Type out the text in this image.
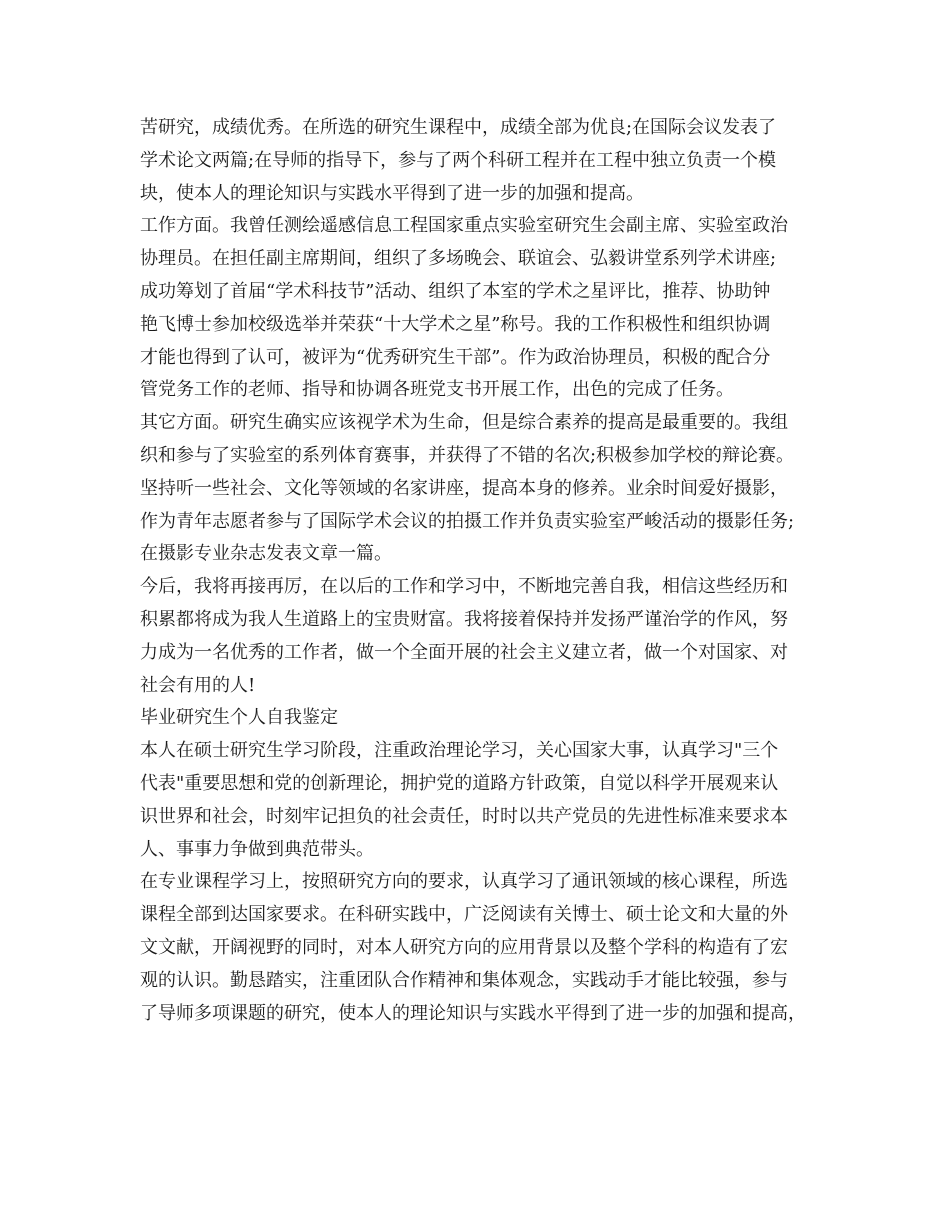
苦研究，成绩优秀。在所选的研究生课程中，成绩全部为优良;在国际会议发表了
学术论文两篇;在导师的指导下，参与了两个科研工程并在工程中独立负责一个模
块，使本人的理论知识与实践水平得到了进一步的加强和提高。
工作方面。我曾任测绘遥感信息工程国家重点实验室研究生会副主席、实验室政治
协理员。在担任副主席期间，组织了多场晚会、联谊会、弘毅讲堂系列学术讲座;
成功筹划了首届“学术科技节”活动、组织了本室的学术之星评比，推荐、协助钟
艳飞博士参加校级选举并荣获“十大学术之星”称号。我的工作积极性和组织协调
才能也得到了认可，被评为“优秀研究生干部”。作为政治协理员，积极的配合分
管党务工作的老师、指导和协调各班党支书开展工作，出色的完成了任务。
其它方面。研究生确实应该视学术为生命，但是综合素养的提高是最重要的。我组
织和参与了实验室的系列体育赛事，并获得了不错的名次;积极参加学校的辩论赛。
坚持听一些社会、文化等领域的名家讲座，提高本身的修养。业余时间爱好摄影，
作为青年志愿者参与了国际学术会议的拍摄工作并负责实验室严峻活动的摄影任务;
在摄影专业杂志发表文章一篇。
今后，我将再接再厉，在以后的工作和学习中，不断地完善自我，相信这些经历和
积累都将成为我人生道路上的宝贵财富。我将接着保持并发扬严谨治学的作风，努
力成为一名优秀的工作者，做一个全面开展的社会主义建立者，做一个对国家、对
社会有用的人!
毕业研究生个人自我鉴定
本人在硕士研究生学习阶段，注重政治理论学习，关心国家大事，认真学习"三个
代表"重要思想和党的创新理论，拥护党的道路方针政策，自觉以科学开展观来认
识世界和社会，时刻牢记担负的社会责任，时时以共产党员的先进性标准来要求本
人、事事力争做到典范带头。
在专业课程学习上，按照研究方向的要求，认真学习了通讯领域的核心课程，所选
课程全部到达国家要求。在科研实践中，广泛阅读有关博士、硕士论文和大量的外
文文献，开阔视野的同时，对本人研究方向的应用背景以及整个学科的构造有了宏
观的认识。勤恳踏实，注重团队合作精神和集体观念，实践动手才能比较强，参与
了导师多项课题的研究，使本人的理论知识与实践水平得到了进一步的加强和提高，
